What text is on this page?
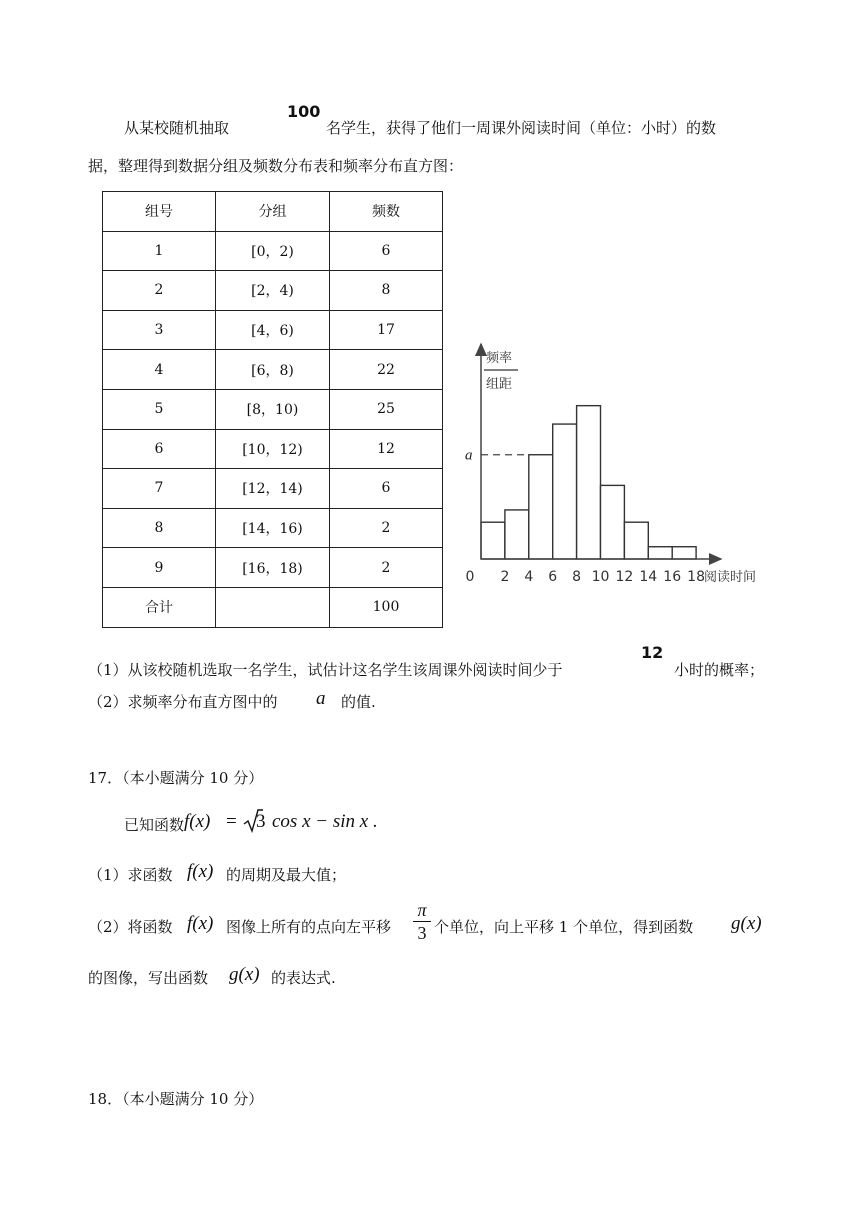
从某校随机抽取
100
名学生，获得了他们一周课外阅读时间（单位：小时）的数
据，整理得到数据分组及频数分布表和频率分布直方图：
组号	分组	频数
1	[0，2)	6
2	[2，4)	8
3	[4，6)	17
4	[6，8)	22
5	[8，10)	25
6	[10，12)	12
7	[12，14)	6
8	[14，16)	2
9	[16，18)	2
合计		100
a
频率
组距
0 2 4 6 8 10 12 14 16 18
阅读时间
（1）从该校随机选取一名学生，试估计这名学生该周课外阅读时间少于
12
小时的概率；
（2）求频率分布直方图中的 a 的值.
17．（本小题满分 10 分）
已知函数 f(x) = 3 cos x − sin x .
（1）求函数 f(x) 的周期及最大值；
（2）将函数 f(x) 图像上所有的点向左平移
π
3 个单位，向上平移 1 个单位，得到函数 g(x)
的图像，写出函数 g(x) 的表达式.
18．（本小题满分 10 分）
